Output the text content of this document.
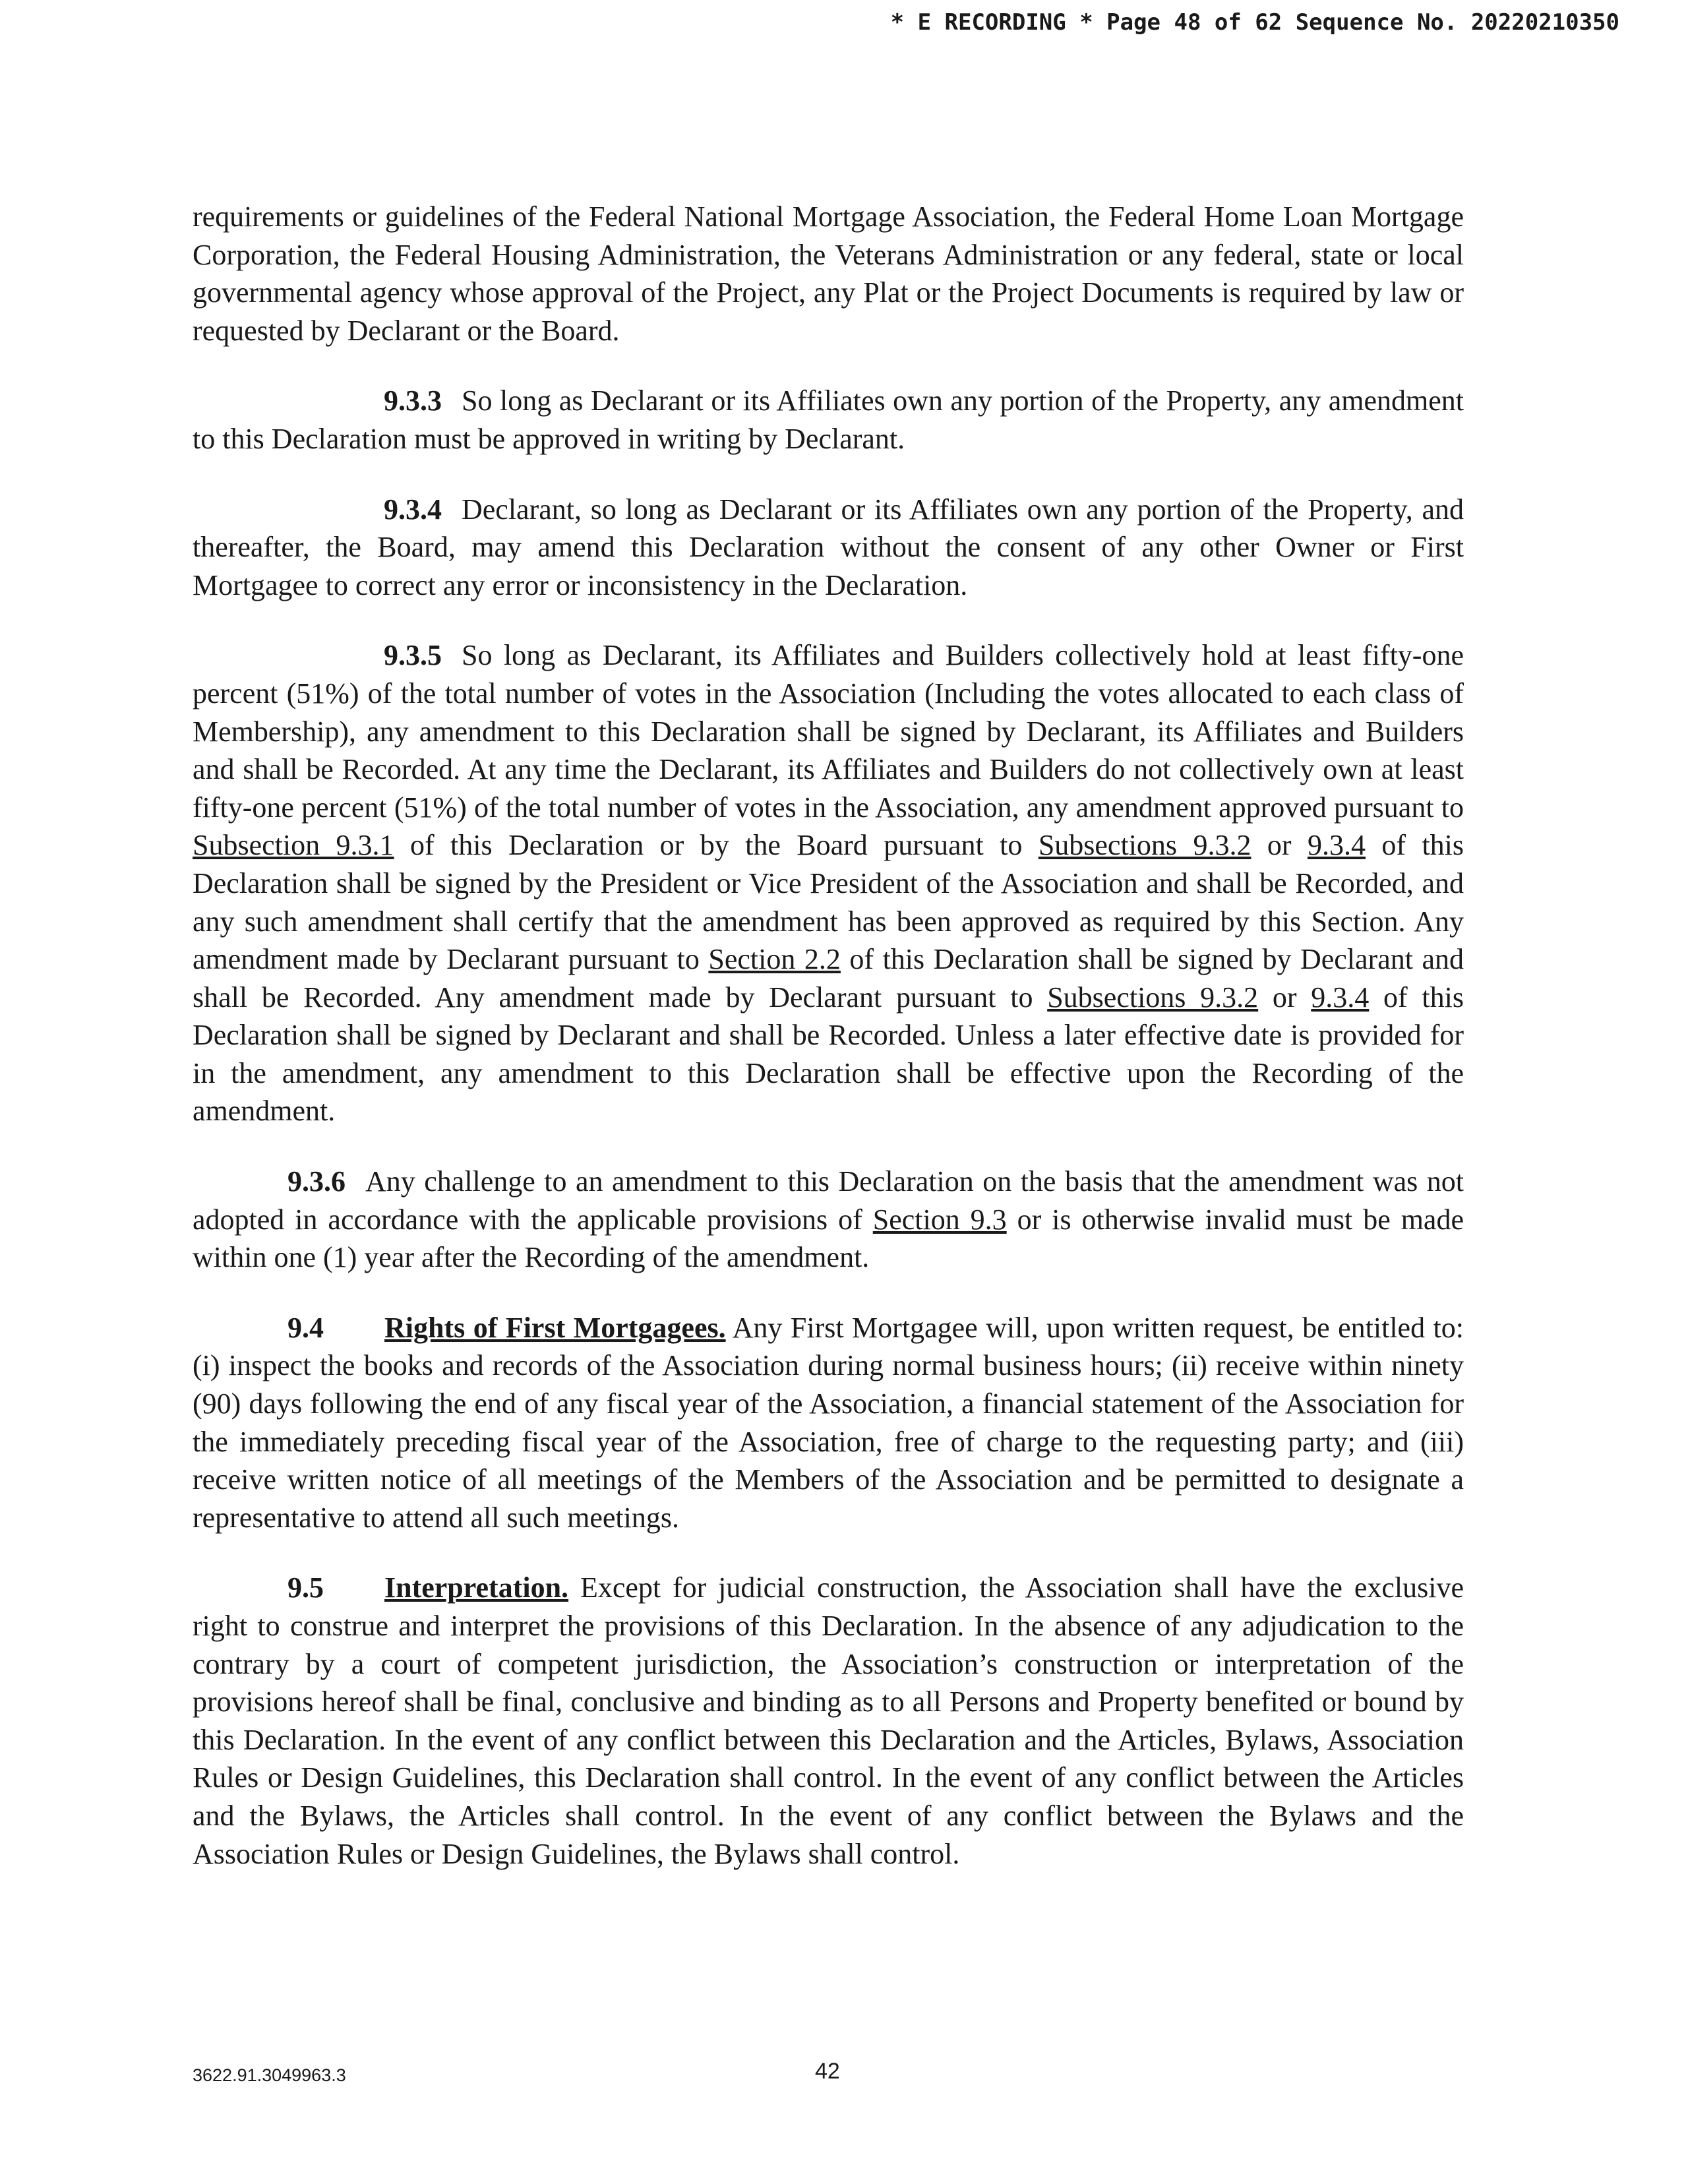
* E RECORDING * Page 48 of 62 Sequence No. 20220210350

requirements or guidelines of the Federal National Mortgage Association, the Federal Home Loan Mortgage Corporation, the Federal Housing Administration, the Veterans Administration or any federal, state or local governmental agency whose approval of the Project, any Plat or the Project Documents is required by law or requested by Declarant or the Board.

9.3.3 So long as Declarant or its Affiliates own any portion of the Property, any amendment to this Declaration must be approved in writing by Declarant.

9.3.4 Declarant, so long as Declarant or its Affiliates own any portion of the Property, and thereafter, the Board, may amend this Declaration without the consent of any other Owner or First Mortgagee to correct any error or inconsistency in the Declaration.

9.3.5 So long as Declarant, its Affiliates and Builders collectively hold at least fifty-one percent (51%) of the total number of votes in the Association (Including the votes allocated to each class of Membership), any amendment to this Declaration shall be signed by Declarant, its Affiliates and Builders and shall be Recorded. At any time the Declarant, its Affiliates and Builders do not collectively own at least fifty-one percent (51%) of the total number of votes in the Association, any amendment approved pursuant to Subsection 9.3.1 of this Declaration or by the Board pursuant to Subsections 9.3.2 or 9.3.4 of this Declaration shall be signed by the President or Vice President of the Association and shall be Recorded, and any such amendment shall certify that the amendment has been approved as required by this Section. Any amendment made by Declarant pursuant to Section 2.2 of this Declaration shall be signed by Declarant and shall be Recorded. Any amendment made by Declarant pursuant to Subsections 9.3.2 or 9.3.4 of this Declaration shall be signed by Declarant and shall be Recorded. Unless a later effective date is provided for in the amendment, any amendment to this Declaration shall be effective upon the Recording of the amendment.

9.3.6 Any challenge to an amendment to this Declaration on the basis that the amendment was not adopted in accordance with the applicable provisions of Section 9.3 or is otherwise invalid must be made within one (1) year after the Recording of the amendment.

9.4 Rights of First Mortgagees. Any First Mortgagee will, upon written request, be entitled to: (i) inspect the books and records of the Association during normal business hours; (ii) receive within ninety (90) days following the end of any fiscal year of the Association, a financial statement of the Association for the immediately preceding fiscal year of the Association, free of charge to the requesting party; and (iii) receive written notice of all meetings of the Members of the Association and be permitted to designate a representative to attend all such meetings.

9.5 Interpretation. Except for judicial construction, the Association shall have the exclusive right to construe and interpret the provisions of this Declaration. In the absence of any adjudication to the contrary by a court of competent jurisdiction, the Association’s construction or interpretation of the provisions hereof shall be final, conclusive and binding as to all Persons and Property benefited or bound by this Declaration. In the event of any conflict between this Declaration and the Articles, Bylaws, Association Rules or Design Guidelines, this Declaration shall control. In the event of any conflict between the Articles and the Bylaws, the Articles shall control. In the event of any conflict between the Bylaws and the Association Rules or Design Guidelines, the Bylaws shall control.

3622.91.3049963.3	42
